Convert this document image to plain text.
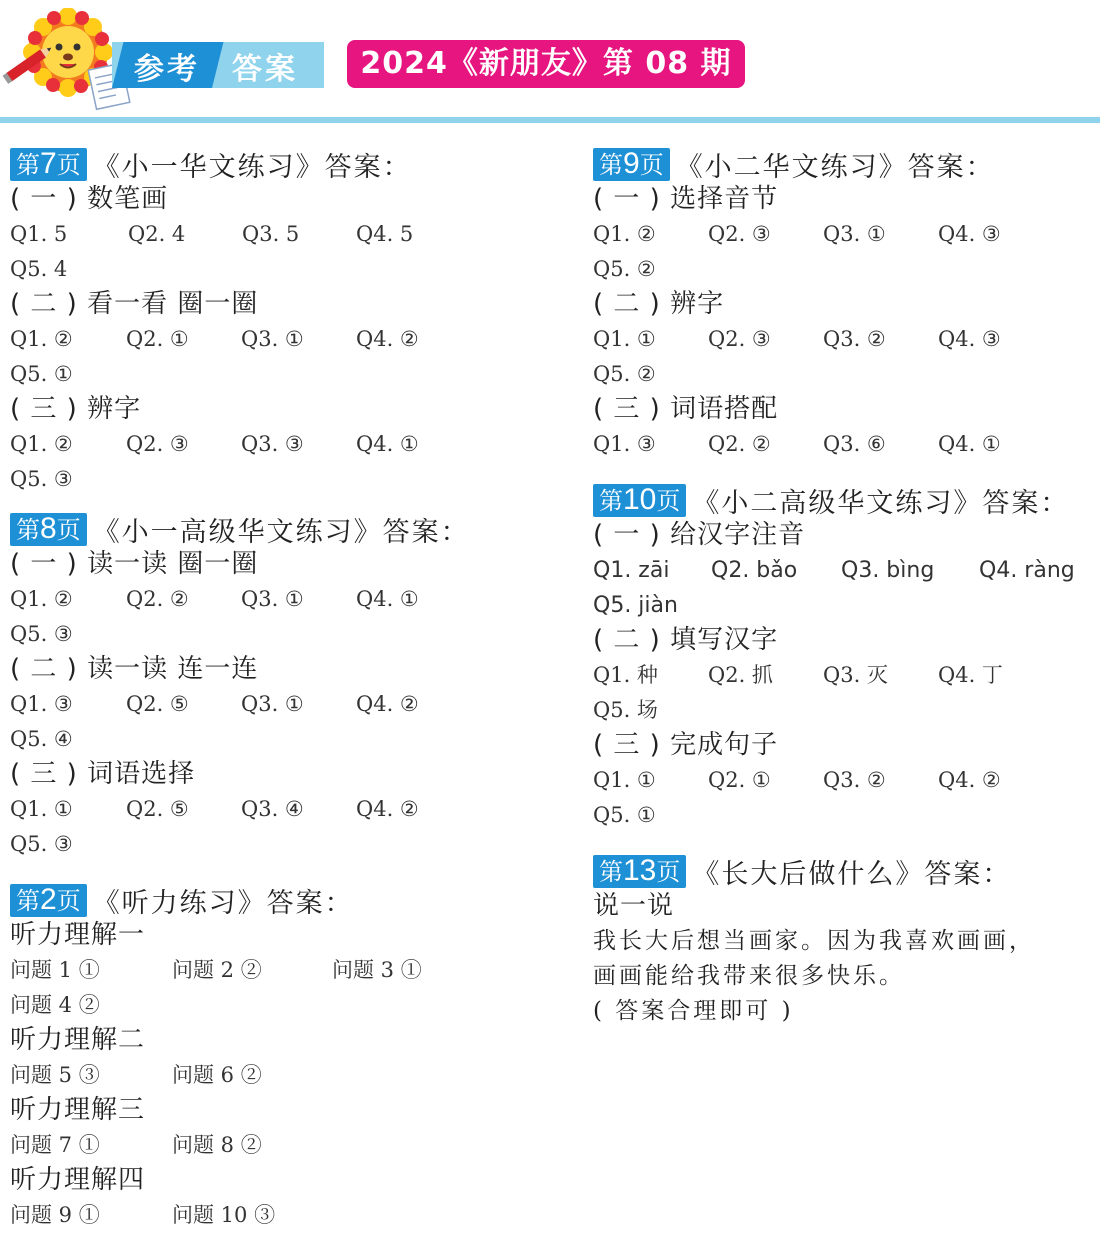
参考 答案	2024《新朋友》第 08 期
第7页 《小一华文练习》答案：
( 一 ) 数笔画
Q1. 5	Q2. 4	Q3. 5	Q4. 5
Q5. 4
( 二 ) 看一看 圈一圈
Q1. ②	Q2. ① Q3. ① Q4. ②
Q5. ①
( 三 ) 辨字
Q1. ②	Q2. ③ Q3. ③ Q4. ①
Q5. ③
第8页 《小一高级华文练习》答案：
( 一 ) 读一读 圈一圈
Q1. ②	Q2. ② Q3. ① Q4. ①
Q5. ③
( 二 ) 读一读 连一连
Q1. ③	Q2. ⑤ Q3. ① Q4. ②
Q5. ④
( 三 ) 词语选择
Q1. ①	Q2. ⑤ Q3. ④ Q4. ②
Q5. ③
第2页 《听力练习》答案：
听力理解一
问题 1 ①	问题 2 ②	问题 3 ①
问题 4 ②
听力理解二
问题 5 ③	问题 6 ②
听力理解三
问题 7 ①	问题 8 ②
听力理解四
问题 9 ①	问题 10 ③
第9页 《小二华文练习》答案：
( 一 ) 选择音节
Q1. ② Q2. ③ Q3. ① Q4. ③
Q5. ②
( 二 ) 辨字
Q1. ① Q2. ③ Q3. ② Q4. ③
Q5. ②
( 三 ) 词语搭配
Q1. ③ Q2. ② Q3. ⑥ Q4. ①
第10页 《小二高级华文练习》答案：
( 一 ) 给汉字注音
Q1. zāi Q2. bǎo Q3. bìng Q4. ràng
Q5. jiàn
( 二 ) 填写汉字
Q1. 种 Q2. 抓 Q3. 灭 Q4. 丁
Q5. 场
( 三 ) 完成句子
Q1. ① Q2. ① Q3. ② Q4. ②
Q5. ①
第13页 《长大后做什么》答案：
说一说
我长大后想当画家。因为我喜欢画画，
画画能给我带来很多快乐。
( 答案合理即可 )
